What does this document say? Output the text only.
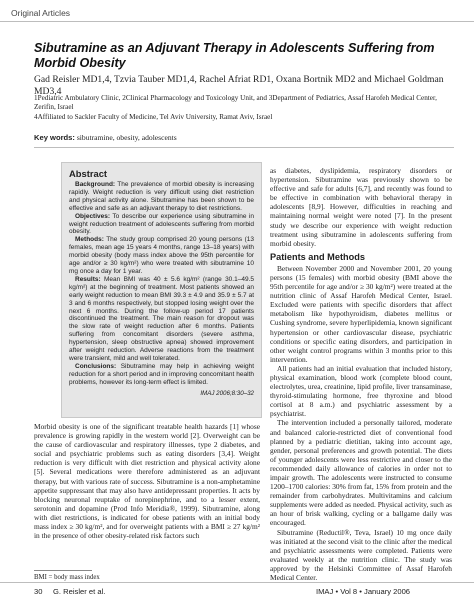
Original Articles
Sibutramine as an Adjuvant Therapy in Adolescents Suffering from Morbid Obesity
Gad Reisler MD1,4, Tzvia Tauber MD1,4, Rachel Afriat RD1, Oxana Bortnik MD2 and Michael Goldman MD3,4
1Pediatric Ambulatory Clinic, 2Clinical Pharmacology and Toxicology Unit, and 3Department of Pediatrics, Assaf Harofeh Medical Center, Zerifin, Israel
4Affiliated to Sackler Faculty of Medicine, Tel Aviv University, Ramat Aviv, Israel
Key words: sibutramine, obesity, adolescents
Abstract

Background: The prevalence of morbid obesity is increasing rapidly. Weight reduction is very difficult using diet restriction and physical activity alone. Sibutramine has been shown to be effective and safe as an adjuvant therapy to diet restrictions.

Objectives: To describe our experience using sibutramine in weight reduction treatment of adolescents suffering from morbid obesity.

Methods: The study group comprised 20 young persons (13 females, mean age 15 years 4 months, range 13–18 years) with morbid obesity (body mass index above the 95th percentile for age and/or ≥ 30 kg/m²) who were treated with sibutramine 10 mg once a day for 1 year.

Results: Mean BMI was 40 ± 5.6 kg/m² (range 30.1–49.5 kg/m²) at the beginning of treatment. Most patients showed an early weight reduction to mean BMI 39.3 ± 4.9 and 35.9 ± 5.7 at 3 and 6 months respectively, but stopped losing weight over the next 6 months. During the follow-up period 17 patients discontinued the treatment. The main reason for dropout was the slow rate of weight reduction after 6 months. Patients suffering from concomitant disorders (severe asthma, hypertension, sleep obstructive apnea) showed improvement after weight reduction. Adverse reactions from the treatment were transient, mild and well tolerated.

Conclusions: Sibutramine may help in achieving weight reduction for a short period and in improving concomitant health problems, however its long-term effect is limited.

IMAJ 2006;8:30–32

as diabetes, dyslipidemia, respiratory disorders or hypertension. Sibutramine was previously shown to be effective and safe for adults [6,7], and recently was found to be effective in combination with behavioral therapy in adolescents [8,9]. However, difficulties in reaching and maintaining normal weight were noted [7]. In the present study we describe our experience with weight reduction treatment using sibutramine in adolescents suffering from morbid obesity.

Patients and Methods

Between November 2000 and November 2001, 20 young persons (15 females) with morbid obesity (BMI above the 95th percentile for age and/or ≥ 30 kg/m²) were treated at the nutrition clinic of Assaf Harofeh Medical Center, Israel. Excluded were patients with specific disorders that affect metabolism like hypothyroidism, diabetes mellitus or Cushing syndrome, severe hyperlipidemia, known significant hypertension or other cardiovascular disease, psychiatric conditions or specific eating disorders, and participation in other weight control programs within 3 months prior to this intervention.

All patients had an initial evaluation that included history, physical examination, blood work (complete blood count, electrolytes, urea, creatinine, lipid profile, liver transaminase, thyroid-stimulating hormone, free thyroxine and blood cortisol at 8 a.m.) and psychiatric assessment by a psychiatrist.

The intervention included a personally tailored, moderate and balanced calorie-restricted diet of conventional food planned by a pediatric dietitian, taking into account age, gender, personal preferences and growth potential. The diets of younger adolescents were less restrictive and closer to the recommended daily allowance of calories in order not to impair growth. The adolescents were instructed to consume 1200–1700 calories: 30% from fat, 15% from protein and the remainder from carbohydrates. Multivitamins and calcium supplements were added as needed. Physical activity, such as an hour of brisk walking, cycling or a ballgame daily was encouraged.

Sibutramine (Reductil®, Teva, Israel) 10 mg once daily was initiated at the second visit to the clinic after the medical and psychiatric assessments were completed. Patients were evaluated weekly at the nutrition clinic. The study was approved by the Helsinki Committee of Assaf Harofeh Medical Center.

Morbid obesity is one of the significant treatable health hazards [1] whose prevalence is growing rapidly in the western world [2]. Overweight can be the cause of cardiovascular and respiratory illnesses, type 2 diabetes, and social and psychiatric problems such as eating disorders [3,4]. Weight reduction is very difficult with diet restriction and physical activity alone [5]. Several medications were therefore administered as an adjuvant therapy, but with various rate of success. Sibutramine is a non-amphetamine appetite suppressant that may also have antidepressant properties. It acts by blocking neuronal reuptake of norepinephrine, and to a lesser extent, serotonin and dopamine (Prod Info Meridia®, 1999). Sibutramine, along with diet restrictions, is indicated for obese patients with an initial body mass index ≥ 30 kg/m², and for overweight patients with a BMI ≥ 27 kg/m² in the presence of other obesity-related risk factors such

BMI = body mass index
30 G. Reisler et al.	IMAJ • Vol 8 • January 2006
